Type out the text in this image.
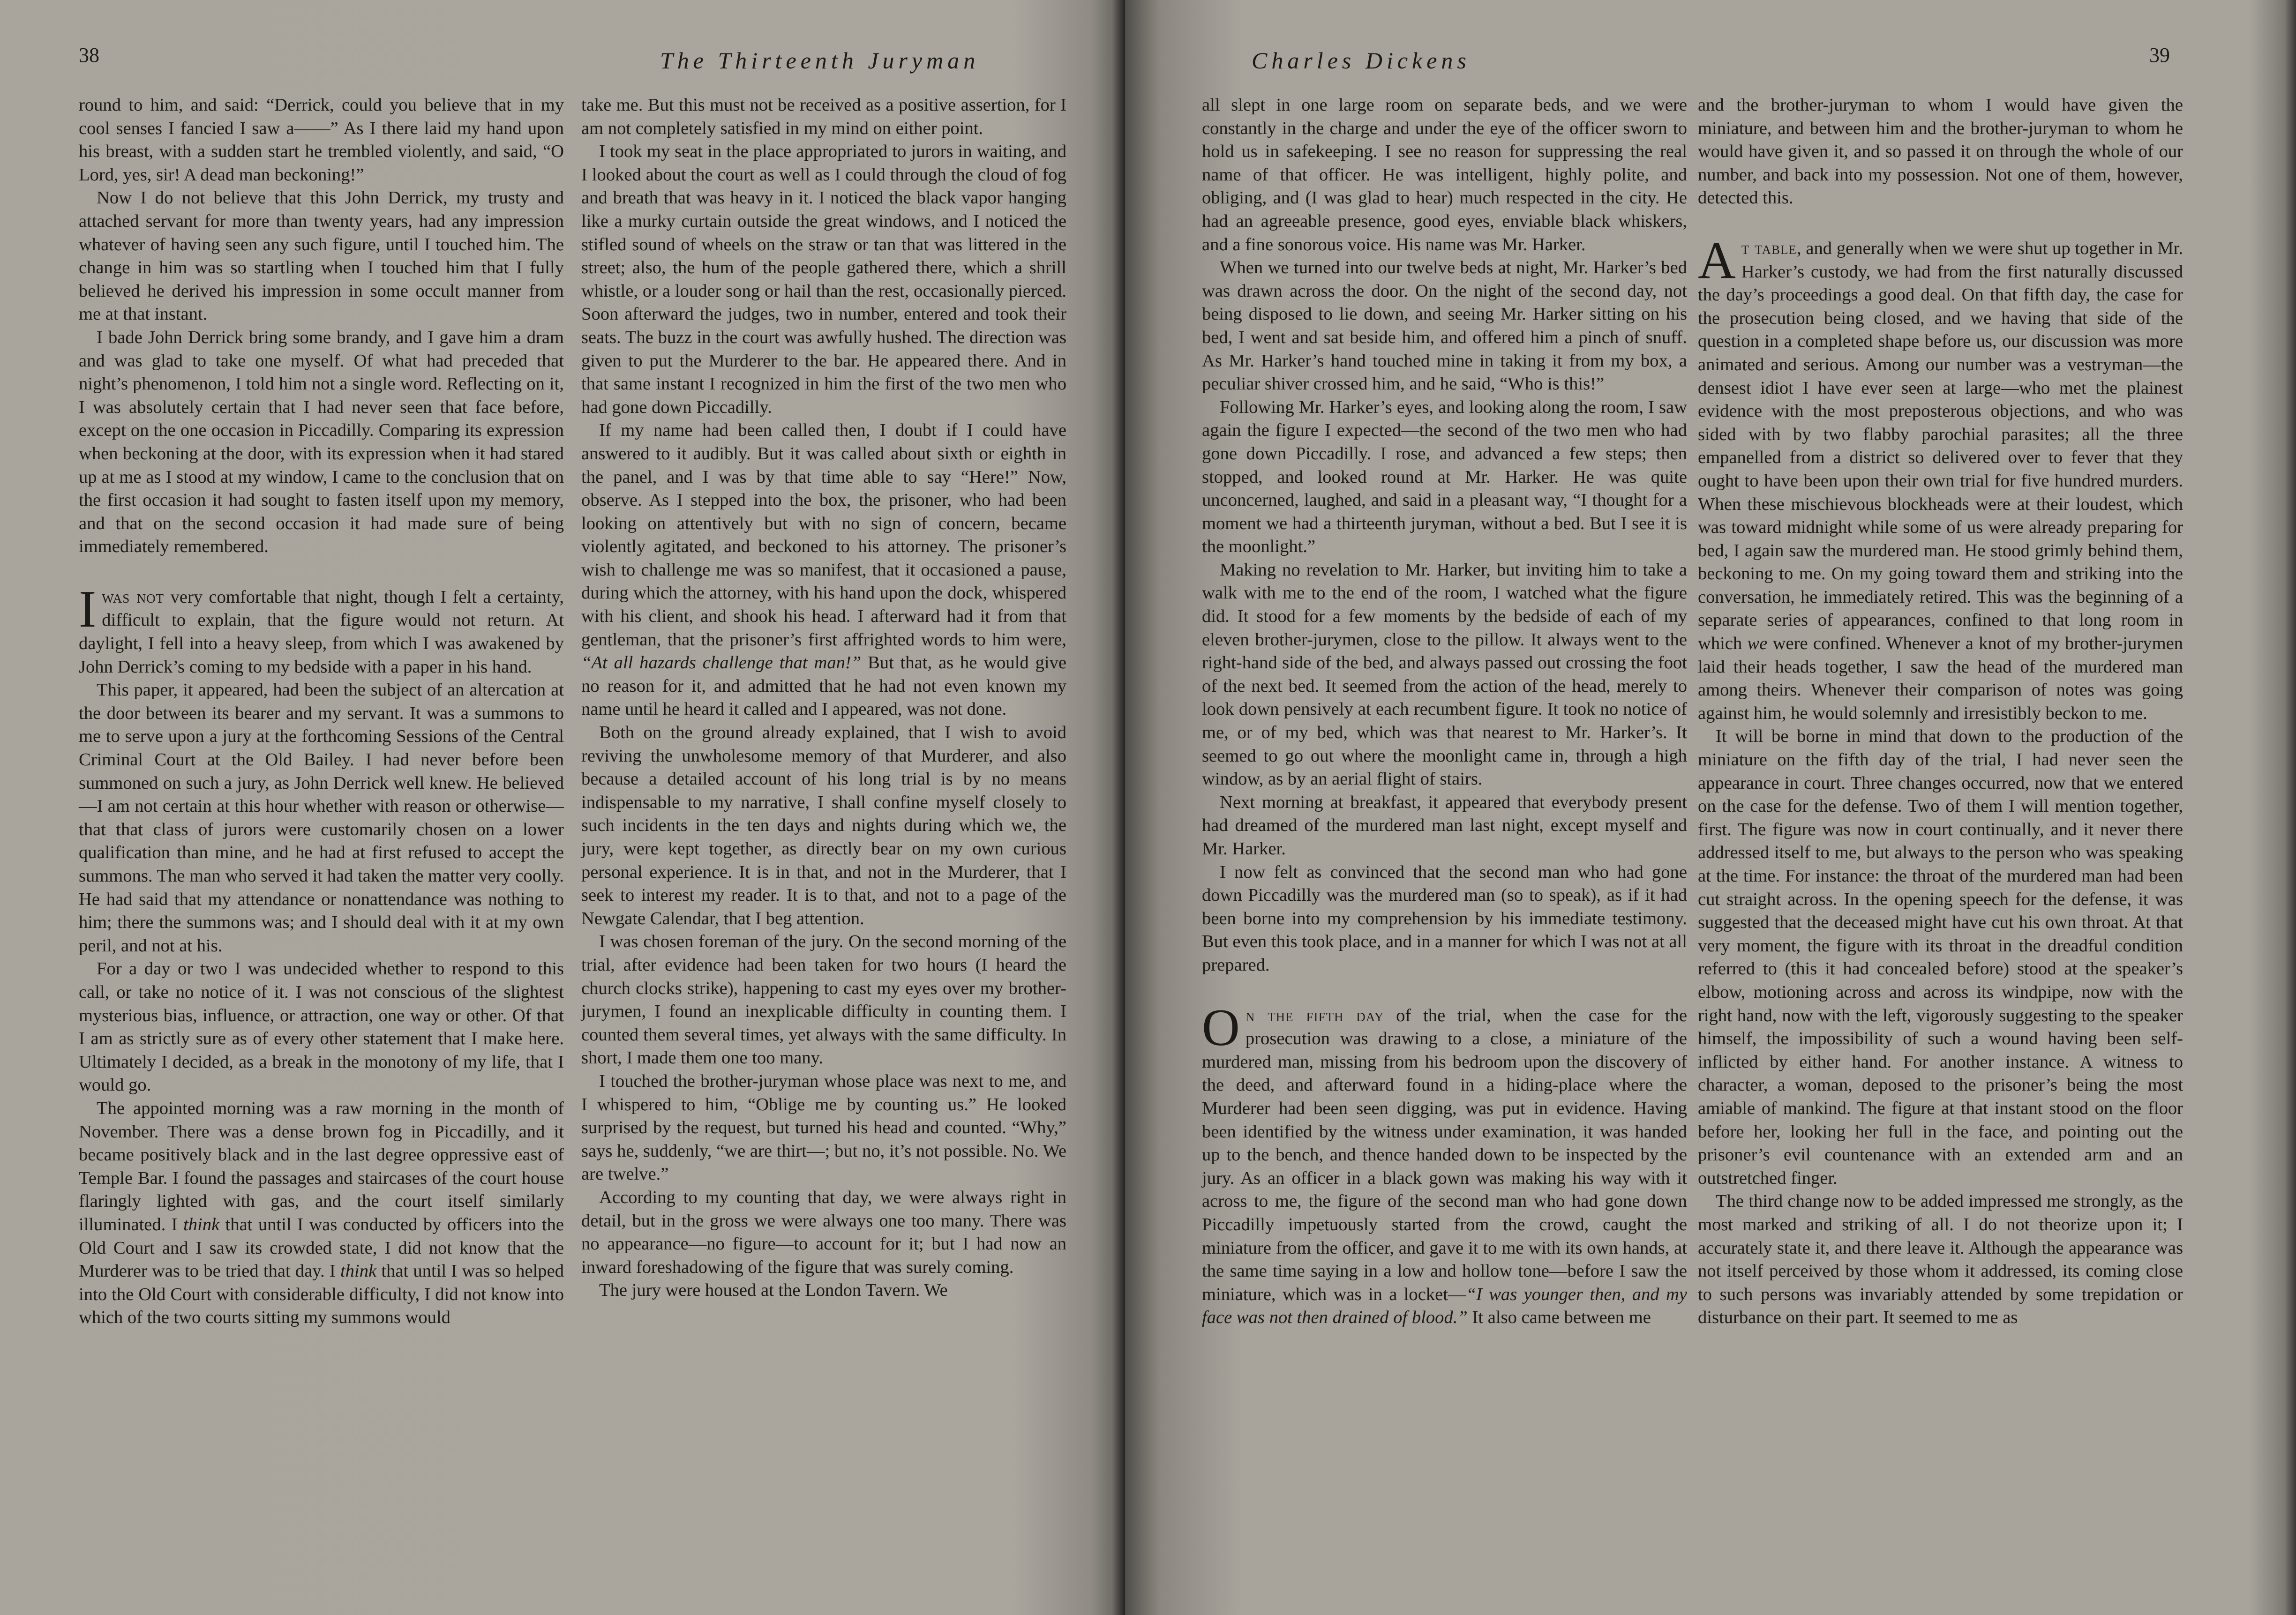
38	The Thirteenth Juryman

round to him, and said: “Derrick, could you believe that in my cool senses I fancied I saw a——” As I there laid my hand upon his breast, with a sudden start he trembled violently, and said, “O Lord, yes, sir! A dead man beckoning!”

Now I do not believe that this John Derrick, my trusty and attached servant for more than twenty years, had any impression whatever of having seen any such figure, until I touched him. The change in him was so startling when I touched him that I fully believed he derived his impression in some occult manner from me at that instant.

I bade John Derrick bring some brandy, and I gave him a dram and was glad to take one myself. Of what had preceded that night’s phenomenon, I told him not a single word. Reflecting on it, I was absolutely certain that I had never seen that face before, except on the one occasion in Piccadilly. Comparing its expression when beckoning at the door, with its expression when it had stared up at me as I stood at my window, I came to the conclusion that on the first occasion it had sought to fasten itself upon my memory, and that on the second occasion it had made sure of being immediately remembered.

Iwas not very comfortable that night, though I felt a certainty, difficult to explain, that the figure would not return. At daylight, I fell into a heavy sleep, from which I was awakened by John Derrick’s coming to my bedside with a paper in his hand.

This paper, it appeared, had been the subject of an altercation at the door between its bearer and my servant. It was a summons to me to serve upon a jury at the forthcoming Sessions of the Central Criminal Court at the Old Bailey. I had never before been summoned on such a jury, as John Derrick well knew. He believed—I am not certain at this hour whether with reason or otherwise—that that class of jurors were customarily chosen on a lower qualification than mine, and he had at first refused to accept the summons. The man who served it had taken the matter very coolly. He had said that my attendance or nonattendance was nothing to him; there the summons was; and I should deal with it at my own peril, and not at his.

For a day or two I was undecided whether to respond to this call, or take no notice of it. I was not conscious of the slightest mysterious bias, influence, or attraction, one way or other. Of that I am as strictly sure as of every other statement that I make here. Ultimately I decided, as a break in the monotony of my life, that I would go.

The appointed morning was a raw morning in the month of November. There was a dense brown fog in Piccadilly, and it became positively black and in the last degree oppressive east of Temple Bar. I found the passages and staircases of the court house flaringly lighted with gas, and the court itself similarly illuminated. I think that until I was conducted by officers into the Old Court and I saw its crowded state, I did not know that the Murderer was to be tried that day. I think that until I was so helped into the Old Court with considerable difficulty, I did not know into which of the two courts sitting my summons would

take me. But this must not be received as a positive assertion, for I am not completely satisfied in my mind on either point.

I took my seat in the place appropriated to jurors in waiting, and I looked about the court as well as I could through the cloud of fog and breath that was heavy in it. I noticed the black vapor hanging like a murky curtain outside the great windows, and I noticed the stifled sound of wheels on the straw or tan that was littered in the street; also, the hum of the people gathered there, which a shrill whistle, or a louder song or hail than the rest, occasionally pierced. Soon afterward the judges, two in number, entered and took their seats. The buzz in the court was awfully hushed. The direction was given to put the Murderer to the bar. He appeared there. And in that same instant I recognized in him the first of the two men who had gone down Piccadilly.

If my name had been called then, I doubt if I could have answered to it audibly. But it was called about sixth or eighth in the panel, and I was by that time able to say “Here!” Now, observe. As I stepped into the box, the prisoner, who had been looking on attentively but with no sign of concern, became violently agitated, and beckoned to his attorney. The prisoner’s wish to challenge me was so manifest, that it occasioned a pause, during which the attorney, with his hand upon the dock, whispered with his client, and shook his head. I afterward had it from that gentleman, that the prisoner’s first affrighted words to him were, “At all hazards challenge that man!” But that, as he would give no reason for it, and admitted that he had not even known my name until he heard it called and I appeared, was not done.

Both on the ground already explained, that I wish to avoid reviving the unwholesome memory of that Murderer, and also because a detailed account of his long trial is by no means indispensable to my narrative, I shall confine myself closely to such incidents in the ten days and nights during which we, the jury, were kept together, as directly bear on my own curious personal experience. It is in that, and not in the Murderer, that I seek to interest my reader. It is to that, and not to a page of the Newgate Calendar, that I beg attention.

I was chosen foreman of the jury. On the second morning of the trial, after evidence had been taken for two hours (I heard the church clocks strike), happening to cast my eyes over my brother-jurymen, I found an inexplicable difficulty in counting them. I counted them several times, yet always with the same difficulty. In short, I made them one too many.

I touched the brother-juryman whose place was next to me, and I whispered to him, “Oblige me by counting us.” He looked surprised by the request, but turned his head and counted. “Why,” says he, suddenly, “we are thirt—; but no, it’s not possible. No. We are twelve.”

According to my counting that day, we were always right in detail, but in the gross we were always one too many. There was no appearance—no figure—to account for it; but I had now an inward foreshadowing of the figure that was surely coming.

The jury were housed at the London Tavern. We

Charles Dickens	39

all slept in one large room on separate beds, and we were constantly in the charge and under the eye of the officer sworn to hold us in safekeeping. I see no reason for suppressing the real name of that officer. He was intelligent, highly polite, and obliging, and (I was glad to hear) much respected in the city. He had an agreeable presence, good eyes, enviable black whiskers, and a fine sonorous voice. His name was Mr. Harker.

When we turned into our twelve beds at night, Mr. Harker’s bed was drawn across the door. On the night of the second day, not being disposed to lie down, and seeing Mr. Harker sitting on his bed, I went and sat beside him, and offered him a pinch of snuff. As Mr. Harker’s hand touched mine in taking it from my box, a peculiar shiver crossed him, and he said, “Who is this!”

Following Mr. Harker’s eyes, and looking along the room, I saw again the figure I expected—the second of the two men who had gone down Piccadilly. I rose, and advanced a few steps; then stopped, and looked round at Mr. Harker. He was quite unconcerned, laughed, and said in a pleasant way, “I thought for a moment we had a thirteenth juryman, without a bed. But I see it is the moonlight.”

Making no revelation to Mr. Harker, but inviting him to take a walk with me to the end of the room, I watched what the figure did. It stood for a few moments by the bedside of each of my eleven brother-jurymen, close to the pillow. It always went to the right-hand side of the bed, and always passed out crossing the foot of the next bed. It seemed from the action of the head, merely to look down pensively at each recumbent figure. It took no notice of me, or of my bed, which was that nearest to Mr. Harker’s. It seemed to go out where the moonlight came in, through a high window, as by an aerial flight of stairs.

Next morning at breakfast, it appeared that everybody present had dreamed of the murdered man last night, except myself and Mr. Harker.

I now felt as convinced that the second man who had gone down Piccadilly was the murdered man (so to speak), as if it had been borne into my comprehension by his immediate testimony. But even this took place, and in a manner for which I was not at all prepared.

On the fifth day of the trial, when the case for the prosecution was drawing to a close, a miniature of the murdered man, missing from his bedroom upon the discovery of the deed, and afterward found in a hiding-place where the Murderer had been seen digging, was put in evidence. Having been identified by the witness under examination, it was handed up to the bench, and thence handed down to be inspected by the jury. As an officer in a black gown was making his way with it across to me, the figure of the second man who had gone down Piccadilly impetuously started from the crowd, caught the miniature from the officer, and gave it to me with its own hands, at the same time saying in a low and hollow tone—before I saw the miniature, which was in a locket—“I was younger then, and my face was not then drained of blood.” It also came between me

and the brother-juryman to whom I would have given the miniature, and between him and the brother-juryman to whom he would have given it, and so passed it on through the whole of our number, and back into my possession. Not one of them, however, detected this.

At table, and generally when we were shut up together in Mr. Harker’s custody, we had from the first naturally discussed the day’s proceedings a good deal. On that fifth day, the case for the prosecution being closed, and we having that side of the question in a completed shape before us, our discussion was more animated and serious. Among our number was a vestryman—the densest idiot I have ever seen at large—who met the plainest evidence with the most preposterous objections, and who was sided with by two flabby parochial parasites; all the three empanelled from a district so delivered over to fever that they ought to have been upon their own trial for five hundred murders. When these mischievous blockheads were at their loudest, which was toward midnight while some of us were already preparing for bed, I again saw the murdered man. He stood grimly behind them, beckoning to me. On my going toward them and striking into the conversation, he immediately retired. This was the beginning of a separate series of appearances, confined to that long room in which we were confined. Whenever a knot of my brother-jurymen laid their heads together, I saw the head of the murdered man among theirs. Whenever their comparison of notes was going against him, he would solemnly and irresistibly beckon to me.

It will be borne in mind that down to the production of the miniature on the fifth day of the trial, I had never seen the appearance in court. Three changes occurred, now that we entered on the case for the defense. Two of them I will mention together, first. The figure was now in court continually, and it never there addressed itself to me, but always to the person who was speaking at the time. For instance: the throat of the murdered man had been cut straight across. In the opening speech for the defense, it was suggested that the deceased might have cut his own throat. At that very moment, the figure with its throat in the dreadful condition referred to (this it had concealed before) stood at the speaker’s elbow, motioning across and across its windpipe, now with the right hand, now with the left, vigorously suggesting to the speaker himself, the impossibility of such a wound having been self-inflicted by either hand. For another instance. A witness to character, a woman, deposed to the prisoner’s being the most amiable of mankind. The figure at that instant stood on the floor before her, looking her full in the face, and pointing out the prisoner’s evil countenance with an extended arm and an outstretched finger.

The third change now to be added impressed me strongly, as the most marked and striking of all. I do not theorize upon it; I accurately state it, and there leave it. Although the appearance was not itself perceived by those whom it addressed, its coming close to such persons was invariably attended by some trepidation or disturbance on their part. It seemed to me as
